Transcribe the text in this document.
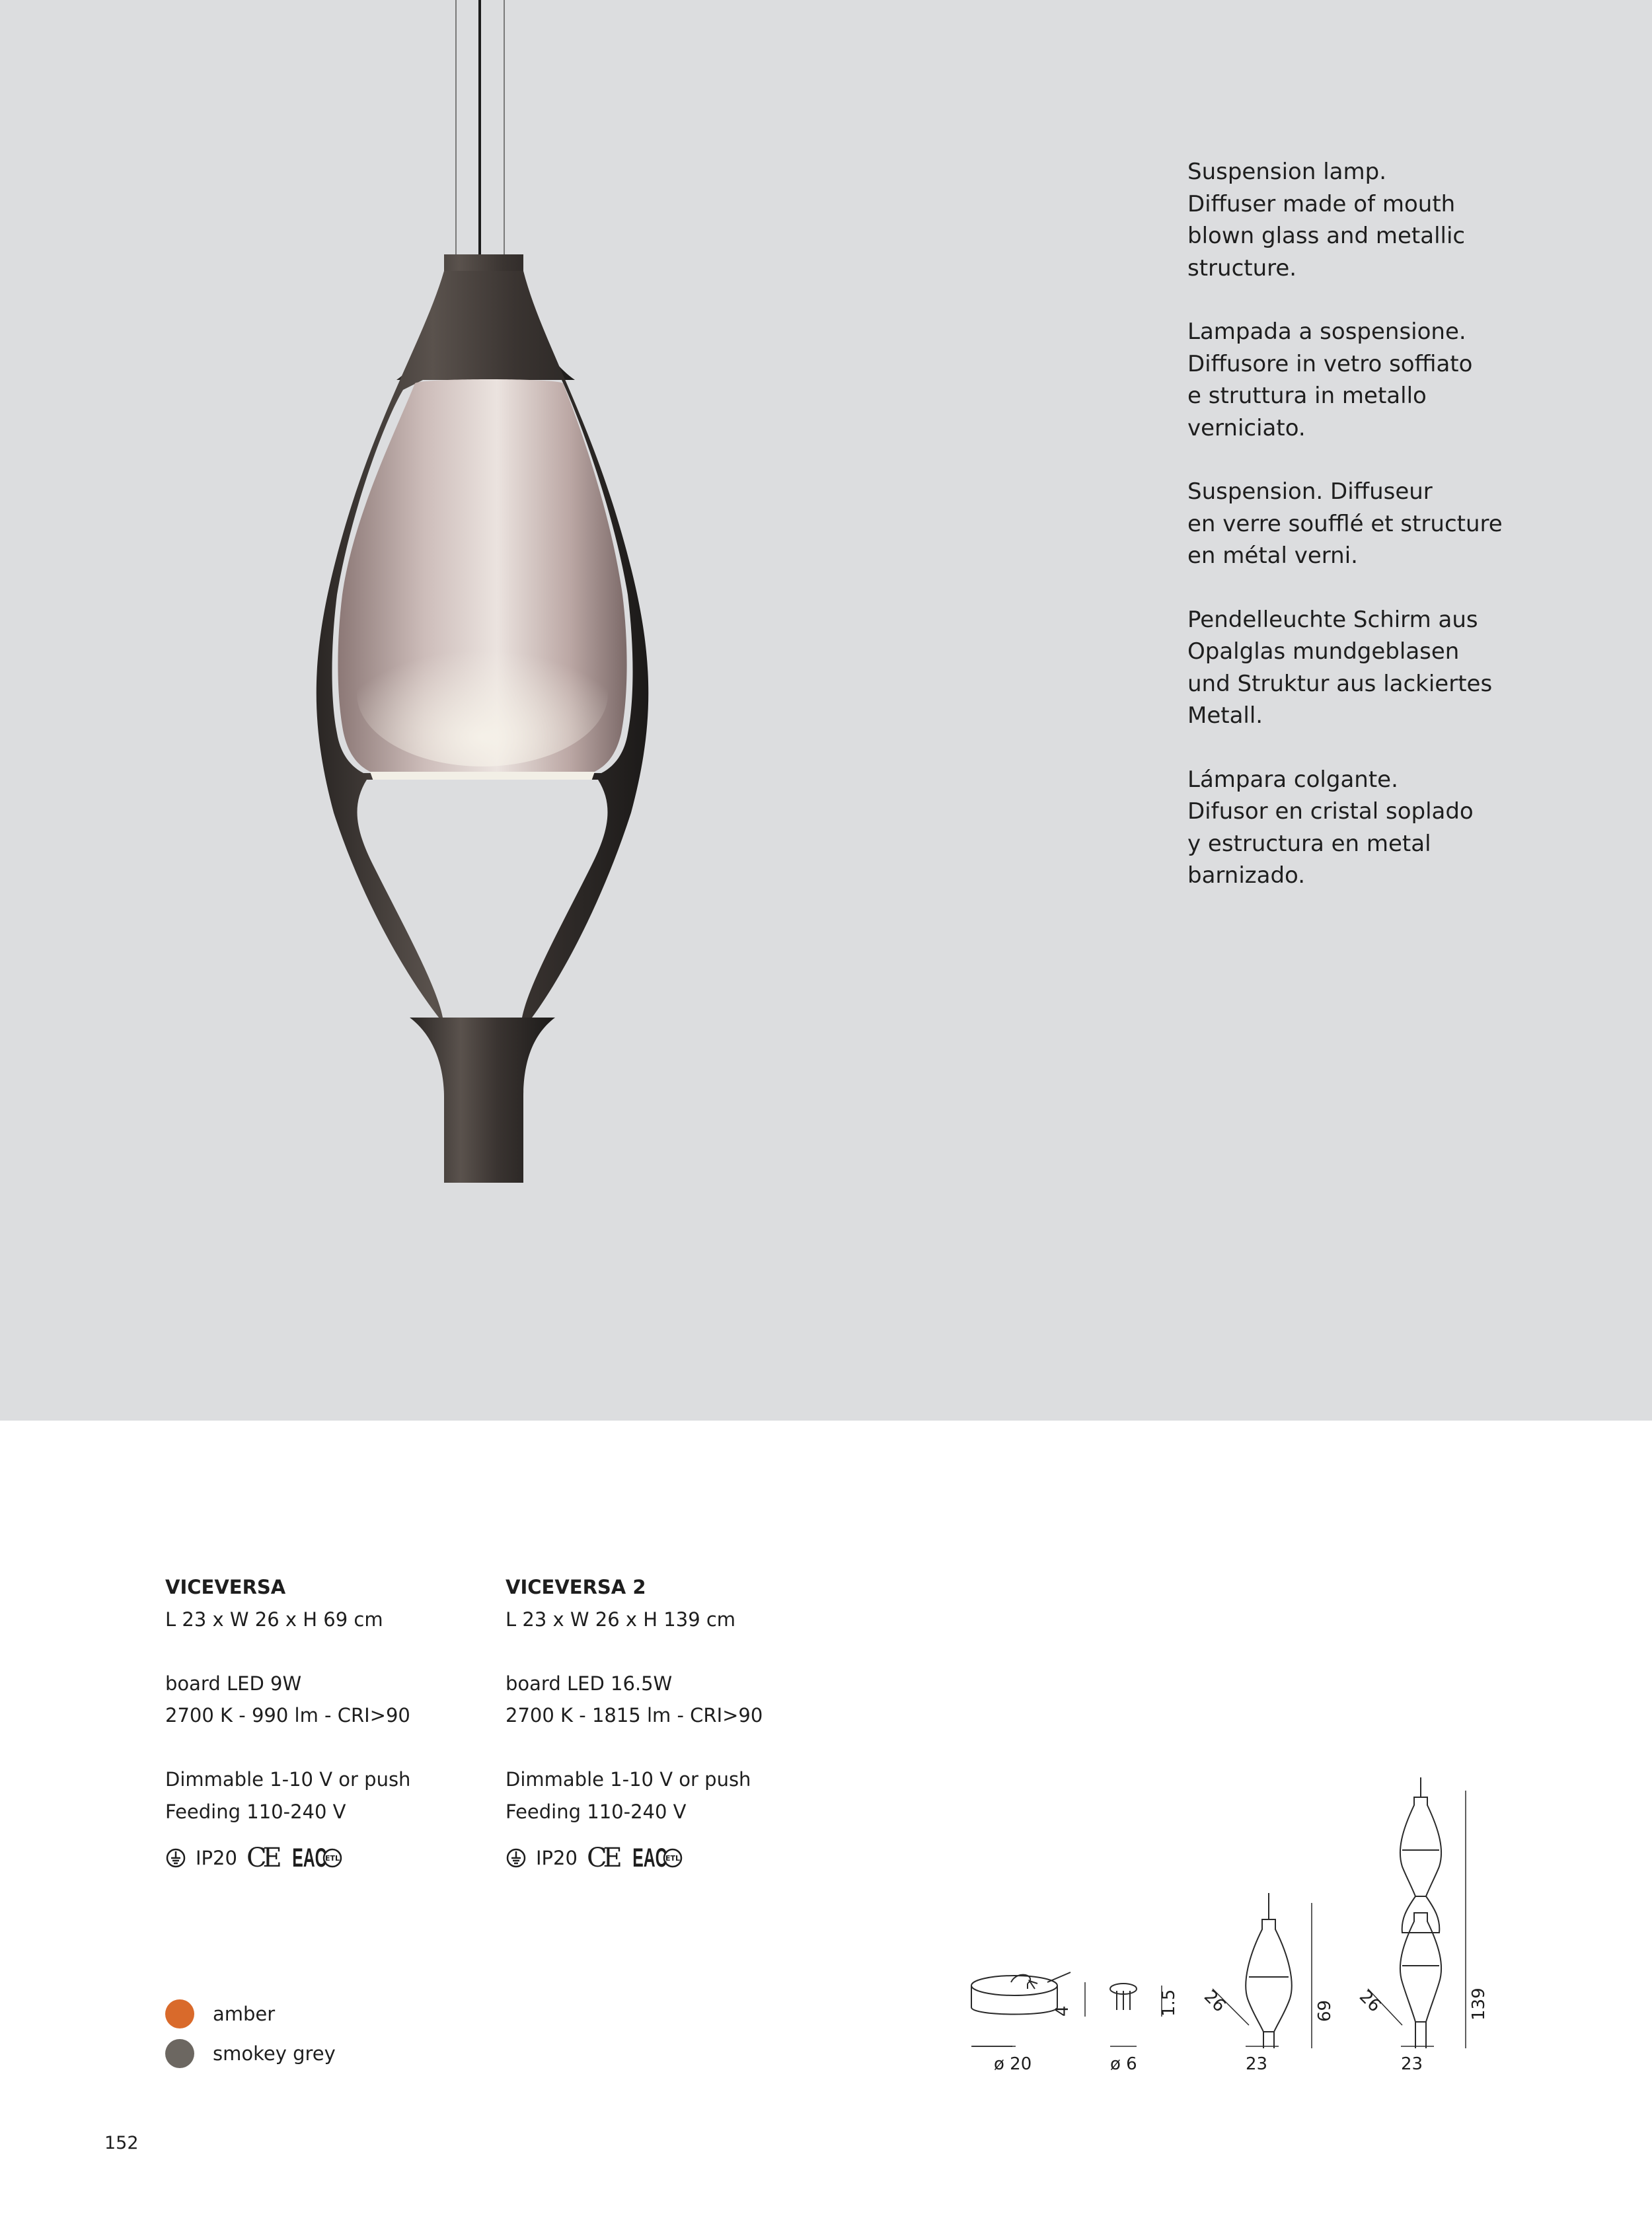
Suspension lamp.
Diffuser made of mouth
blown glass and metallic
structure.

Lampada a sospensione.
Diffusore in vetro soffiato
e struttura in metallo
verniciato.

Suspension. Diffuseur
en verre soufflé et structure
en métal verni.

Pendelleuchte Schirm aus
Opalglas mundgeblasen
und Struktur aus lackiertes
Metall.

Lámpara colgante.
Difusor en cristal soplado
y estructura en metal
barnizado.

VICEVERSA
L 23 x W 26 x H 69 cm
board LED 9W
2700 K - 990 lm - CRI>90
Dimmable 1-10 V or push
Feeding 110-240 V
IP20 CE EAC
ETL
VICEVERSA 2
L 23 x W 26 x H 139 cm
board LED 16.5W
2700 K - 1815 lm - CRI>90
Dimmable 1-10 V or push
Feeding 110-240 V
IP20 CE EAC
ETL
amber
smokey grey	ø 20
4
ø 6
1.5 26
23
69 26
23
139
152
